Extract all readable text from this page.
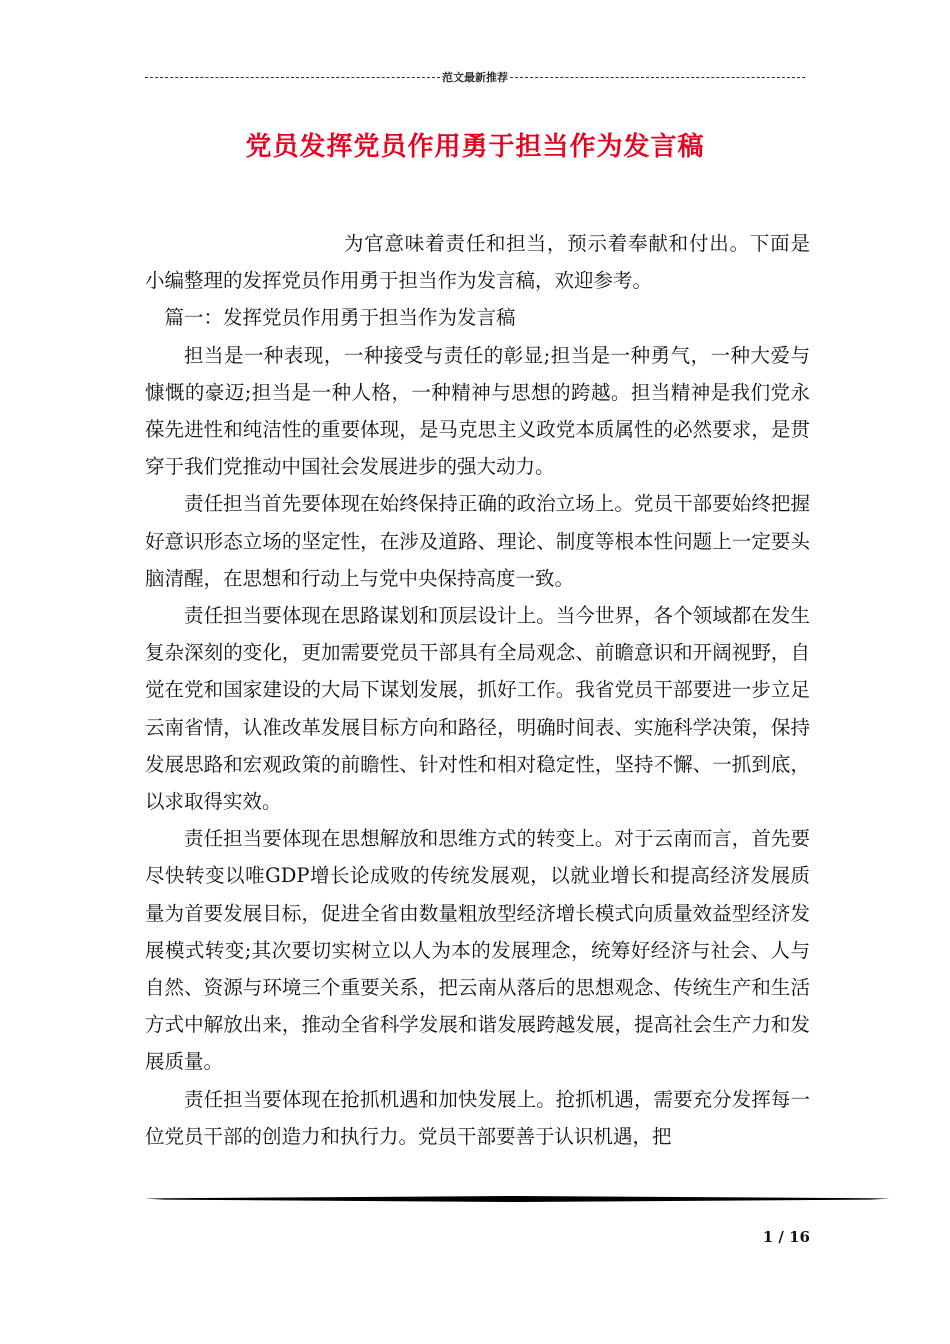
范文最新推荐
党员发挥党员作用勇于担当作为发言稿

为官意味着责任和担当，预示着奉献和付出。下面是小编整理的发挥党员作用勇于担当作为发言稿，欢迎参考。

篇一：发挥党员作用勇于担当作为发言稿

担当是一种表现，一种接受与责任的彰显;担当是一种勇气，一种大爱与慷慨的豪迈;担当是一种人格，一种精神与思想的跨越。担当精神是我们党永葆先进性和纯洁性的重要体现，是马克思主义政党本质属性的必然要求，是贯穿于我们党推动中国社会发展进步的强大动力。

责任担当首先要体现在始终保持正确的政治立场上。党员干部要始终把握好意识形态立场的坚定性，在涉及道路、理论、制度等根本性问题上一定要头脑清醒，在思想和行动上与党中央保持高度一致。

责任担当要体现在思路谋划和顶层设计上。当今世界，各个领域都在发生复杂深刻的变化，更加需要党员干部具有全局观念、前瞻意识和开阔视野，自觉在党和国家建设的大局下谋划发展，抓好工作。我省党员干部要进一步立足云南省情，认准改革发展目标方向和路径，明确时间表、实施科学决策，保持发展思路和宏观政策的前瞻性、针对性和相对稳定性，坚持不懈、一抓到底，以求取得实效。

责任担当要体现在思想解放和思维方式的转变上。对于云南而言，首先要尽快转变以唯GDP增长论成败的传统发展观，以就业增长和提高经济发展质量为首要发展目标，促进全省由数量粗放型经济增长模式向质量效益型经济发展模式转变;其次要切实树立以人为本的发展理念，统筹好经济与社会、人与自然、资源与环境三个重要关系，把云南从落后的思想观念、传统生产和生活方式中解放出来，推动全省科学发展和谐发展跨越发展，提高社会生产力和发展质量。

责任担当要体现在抢抓机遇和加快发展上。抢抓机遇，需要充分发挥每一位党员干部的创造力和执行力。党员干部要善于认识机遇，把

1 / 16
